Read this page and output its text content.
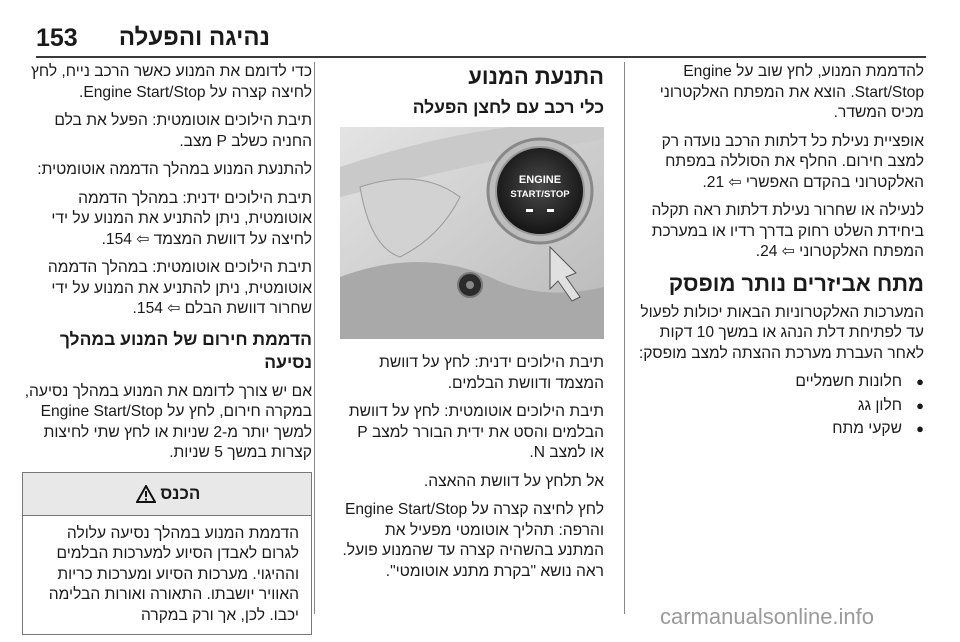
153 נהיגה והפעלה

להדממת המנוע, לחץ שוב על Engine Start/Stop. הוצא את המפתח האלקטרוני מכיס המשדר.

אופציית נעילת כל דלתות הרכב נועדה רק למצב חירום. החלף את הסוללה במפתח האלקטרוני בהקדם האפשרי ⇦ 21.

לנעילה או שחרור נעילת דלתות ראה תקלה ביחידת השלט רחוק בדרך רדיו או במערכת המפתח האלקטרוני ⇦ 24.

מתח אביזרים נותר מופסק

המערכות האלקטרוניות הבאות יכולות לפעול עד לפתיחת דלת הנהג או במשך 10 דקות לאחר העברת מערכת ההצתה למצב מופסק:

● חלונות חשמליים
● חלון גג
● שקעי מתח
התנעת המנוע
כלי רכב עם לחצן הפעלה
ENGINE
START/STOP

תיבת הילוכים ידנית: לחץ על דוושת המצמד ודוושת הבלמים.

תיבת הילוכים אוטומטית: לחץ על דוושת הבלמים והסט את ידית הבורר למצב P או למצב N.

אל תלחץ על דוושת ההאצה.

לחץ לחיצה קצרה על Engine Start/Stop והרפה: תהליך אוטומטי מפעיל את המתנע בהשהיה קצרה עד שהמנוע פועל. ראה נושא "בקרת מתנע אוטומטי".

כדי לדומם את המנוע כאשר הרכב נייח, לחץ לחיצה קצרה על Engine Start/Stop.

תיבת הילוכים אוטומטית: הפעל את בלם החניה כשלב P מצב.

להתנעת המנוע במהלך הדממה אוטומטית:

תיבת הילוכים ידנית: במהלך הדממה אוטומטית, ניתן להתניע את המנוע על ידי לחיצה על דוושת המצמד ⇦ 154.

תיבת הילוכים אוטומטית: במהלך הדממה אוטומטית, ניתן להתניע את המנוע על ידי שחרור דוושת הבלם ⇦ 154.

הדממת חירום של המנוע במהלך נסיעה

אם יש צורך לדומם את המנוע במהלך נסיעה, במקרה חירום, לחץ על Engine Start/Stop למשך יותר מ-2 שניות או לחץ שתי לחיצות קצרות במשך 5 שניות.

הכנס
הדממת המנוע במהלך נסיעה עלולה לגרום לאבדן הסיוע למערכות הבלמים וההיגוי. מערכות הסיוע ומערכות כריות האוויר יושבתו. התאורה ואורות הבלימה יכבו. לכן, אך ורק במקרה	carmanualsonline.info
